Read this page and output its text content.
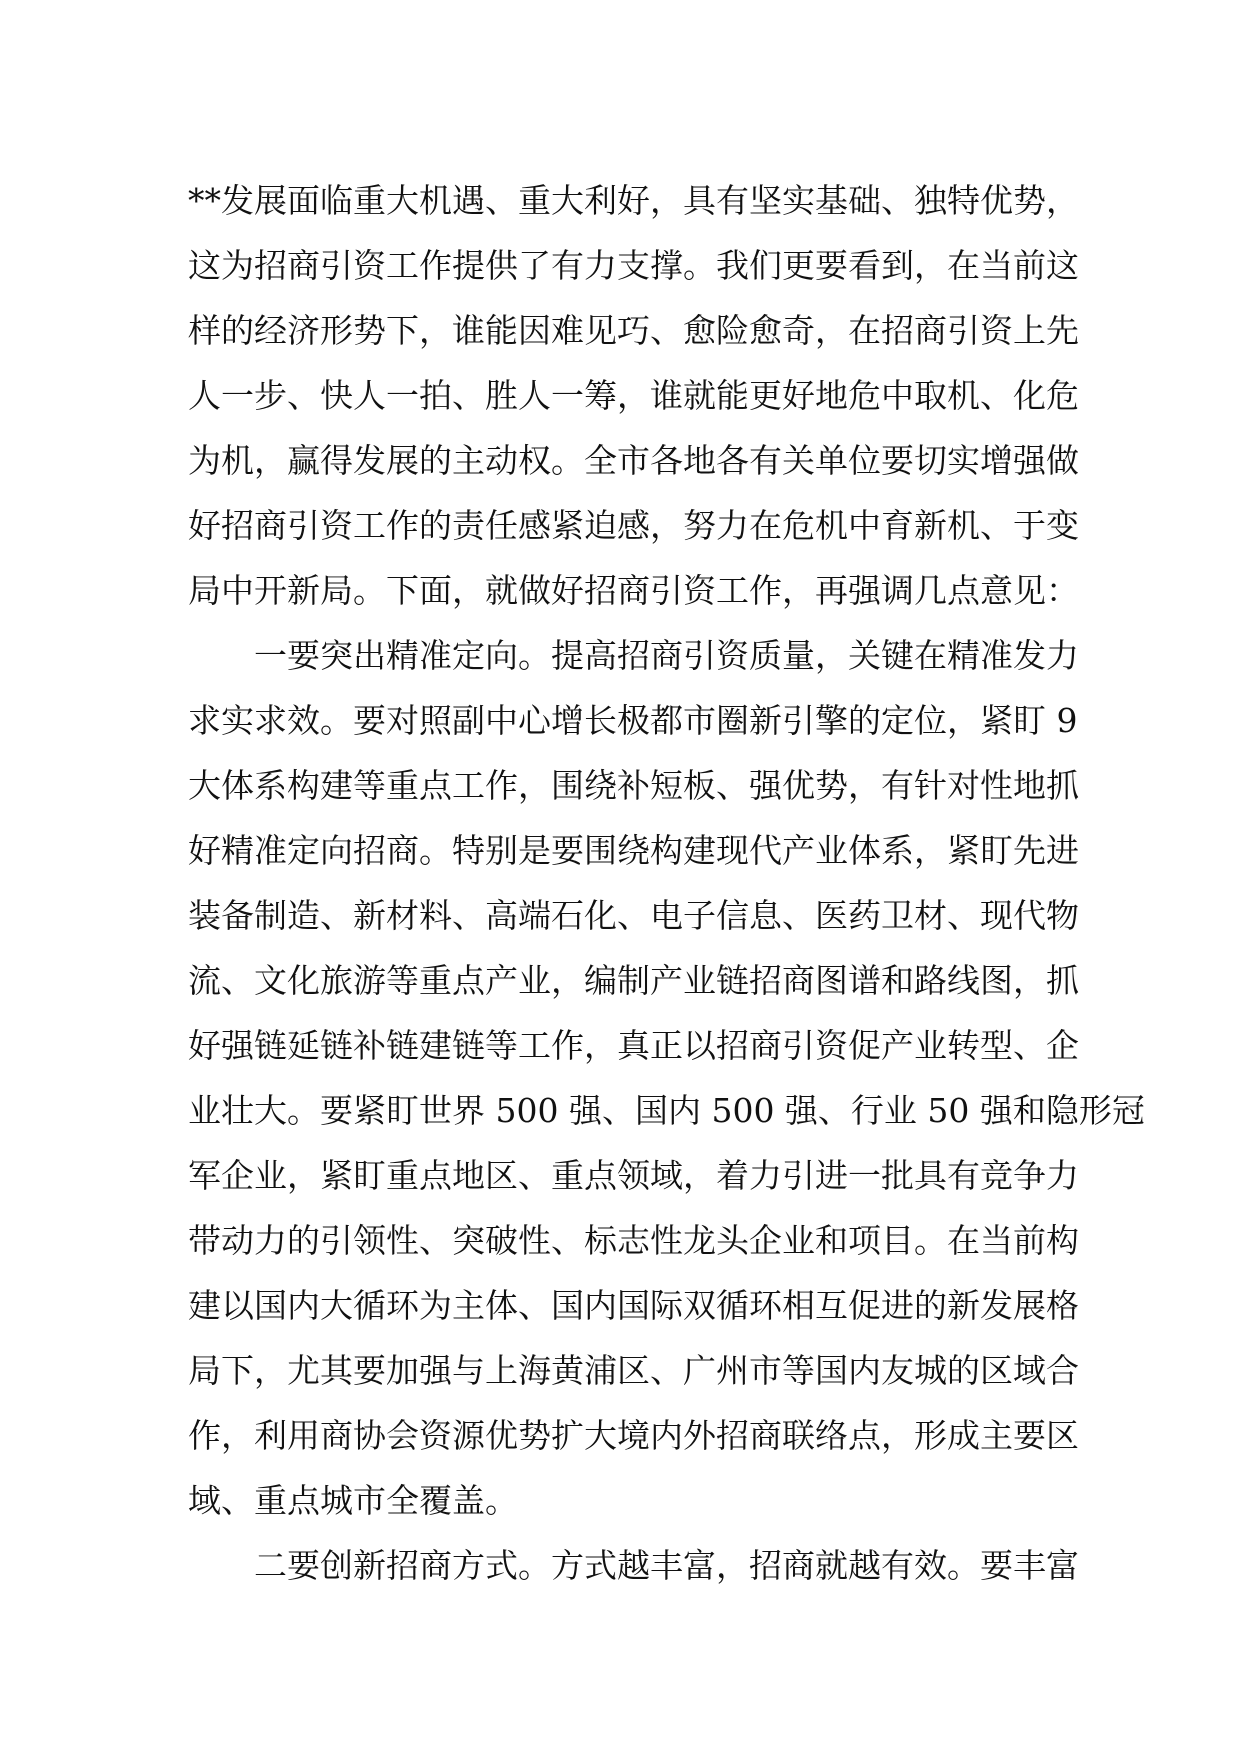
**发展面临重大机遇、重大利好，具有坚实基础、独特优势，
这为招商引资工作提供了有力支撑。我们更要看到，在当前这
样的经济形势下，谁能因难见巧、愈险愈奇，在招商引资上先
人一步、快人一拍、胜人一筹，谁就能更好地危中取机、化危
为机，赢得发展的主动权。全市各地各有关单位要切实增强做
好招商引资工作的责任感紧迫感，努力在危机中育新机、于变
局中开新局。下面，就做好招商引资工作，再强调几点意见：
一要突出精准定向。提高招商引资质量，关键在精准发力
求实求效。要对照副中心增长极都市圈新引擎的定位，紧盯 9
大体系构建等重点工作，围绕补短板、强优势，有针对性地抓
好精准定向招商。特别是要围绕构建现代产业体系，紧盯先进
装备制造、新材料、高端石化、电子信息、医药卫材、现代物
流、文化旅游等重点产业，编制产业链招商图谱和路线图，抓
好强链延链补链建链等工作，真正以招商引资促产业转型、企
业壮大。要紧盯世界 500 强、国内 500 强、行业 50 强和隐形冠
军企业，紧盯重点地区、重点领域，着力引进一批具有竞争力
带动力的引领性、突破性、标志性龙头企业和项目。在当前构
建以国内大循环为主体、国内国际双循环相互促进的新发展格
局下，尤其要加强与上海黄浦区、广州市等国内友城的区域合
作，利用商协会资源优势扩大境内外招商联络点，形成主要区
域、重点城市全覆盖。
二要创新招商方式。方式越丰富，招商就越有效。要丰富
